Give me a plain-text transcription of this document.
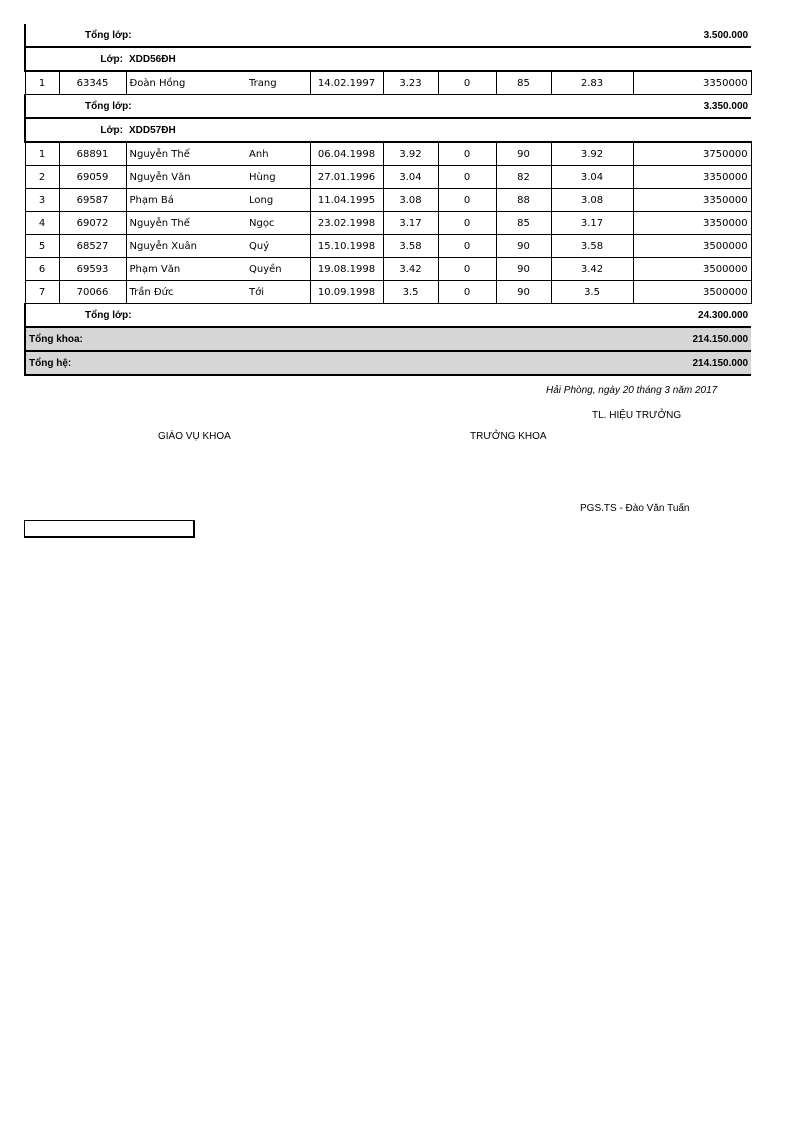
	Tổng lớp:		3.500.000						
	Lớp:	XDD56ĐH							
1	63345	Đoàn Hồng	Trang	14.02.1997	3.23	0	85	2.83	3350000
	Tổng lớp:		3.350.000						
	Lớp:	XDD57ĐH							
1	68891	Nguyễn Thế	Anh	06.04.1998	3.92	0	90	3.92	3750000
2	69059	Nguyễn Văn	Hùng	27.01.1996	3.04	0	82	3.04	3350000
3	69587	Phạm Bá	Long	11.04.1995	3.08	0	88	3.08	3350000
4	69072	Nguyễn Thế	Ngọc	23.02.1998	3.17	0	85	3.17	3350000
5	68527	Nguyễn Xuân	Quý	15.10.1998	3.58	0	90	3.58	3500000
6	69593	Phạm Văn	Quyền	19.08.1998	3.42	0	90	3.42	3500000
7	70066	Trần Đức	Tới	10.09.1998	3.5	0	90	3.5	3500000
	Tổng lớp:		24.300.000						
Tổng khoa:			214.150.000						
Tổng hệ:			214.150.000						
Hải Phòng, ngày 20 tháng 3 năm 2017
TL. HIỆU TRƯỞNG
GIÁO VỤ KHOA	TRƯỞNG KHOA
PGS.TS - Đào Văn Tuấn
